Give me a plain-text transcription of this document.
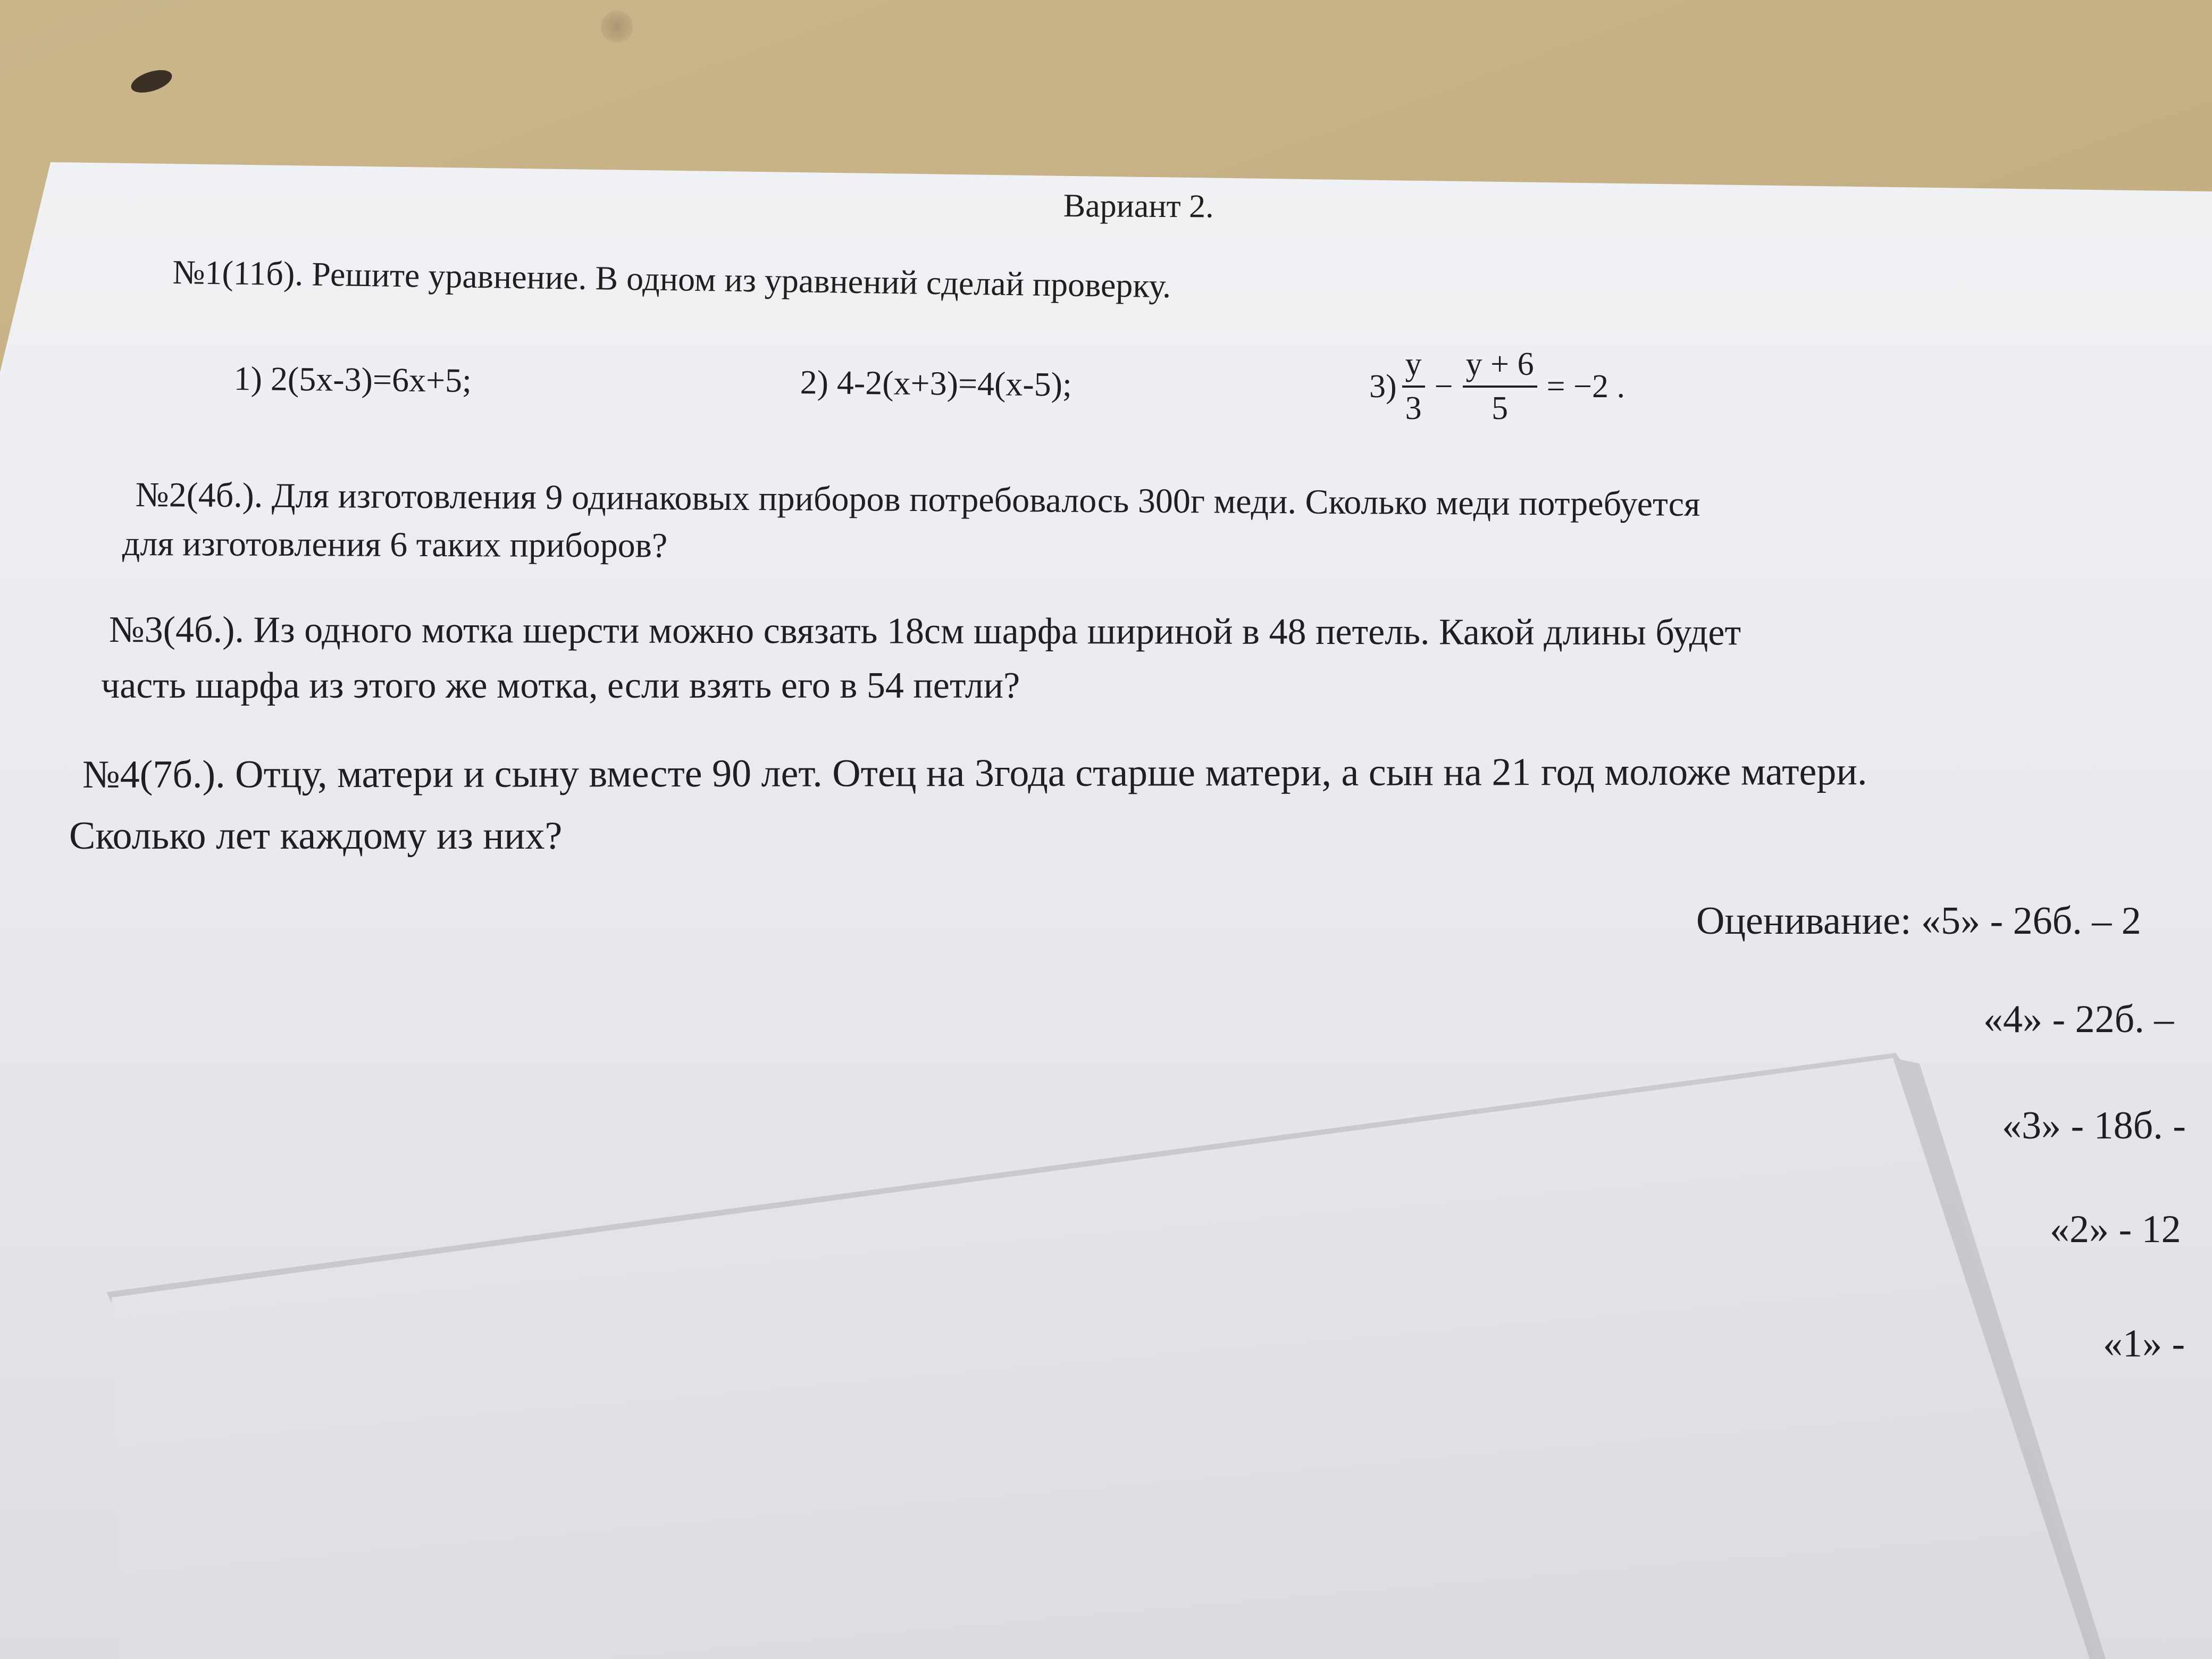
Вариант 2.
№1(11б). Решите уравнение. В одном из уравнений сделай проверку.
1) 2(5х-3)=6х+5;	2) 4-2(х+3)=4(х-5);	$3) \frac{y}{3} - \frac{y + 6}{5} = -2$ .
№2(4б.). Для изготовления 9 одинаковых приборов потребовалось 300г меди. Сколько меди потребуется
для изготовления 6 таких приборов?
№3(4б.). Из одного мотка шерсти можно связать 18см шарфа шириной в 48 петель. Какой длины будет
часть шарфа из этого же мотка, если взять его в 54 петли?
№4(7б.). Отцу, матери и сыну вместе 90 лет. Отец на 3года старше матери, а сын на 21 год моложе матери.
Сколько лет каждому из них?
Оценивание: «5» - 26б. – 2
«4» - 22б. –
«3» - 18б. -
«2» - 12
«1» -
